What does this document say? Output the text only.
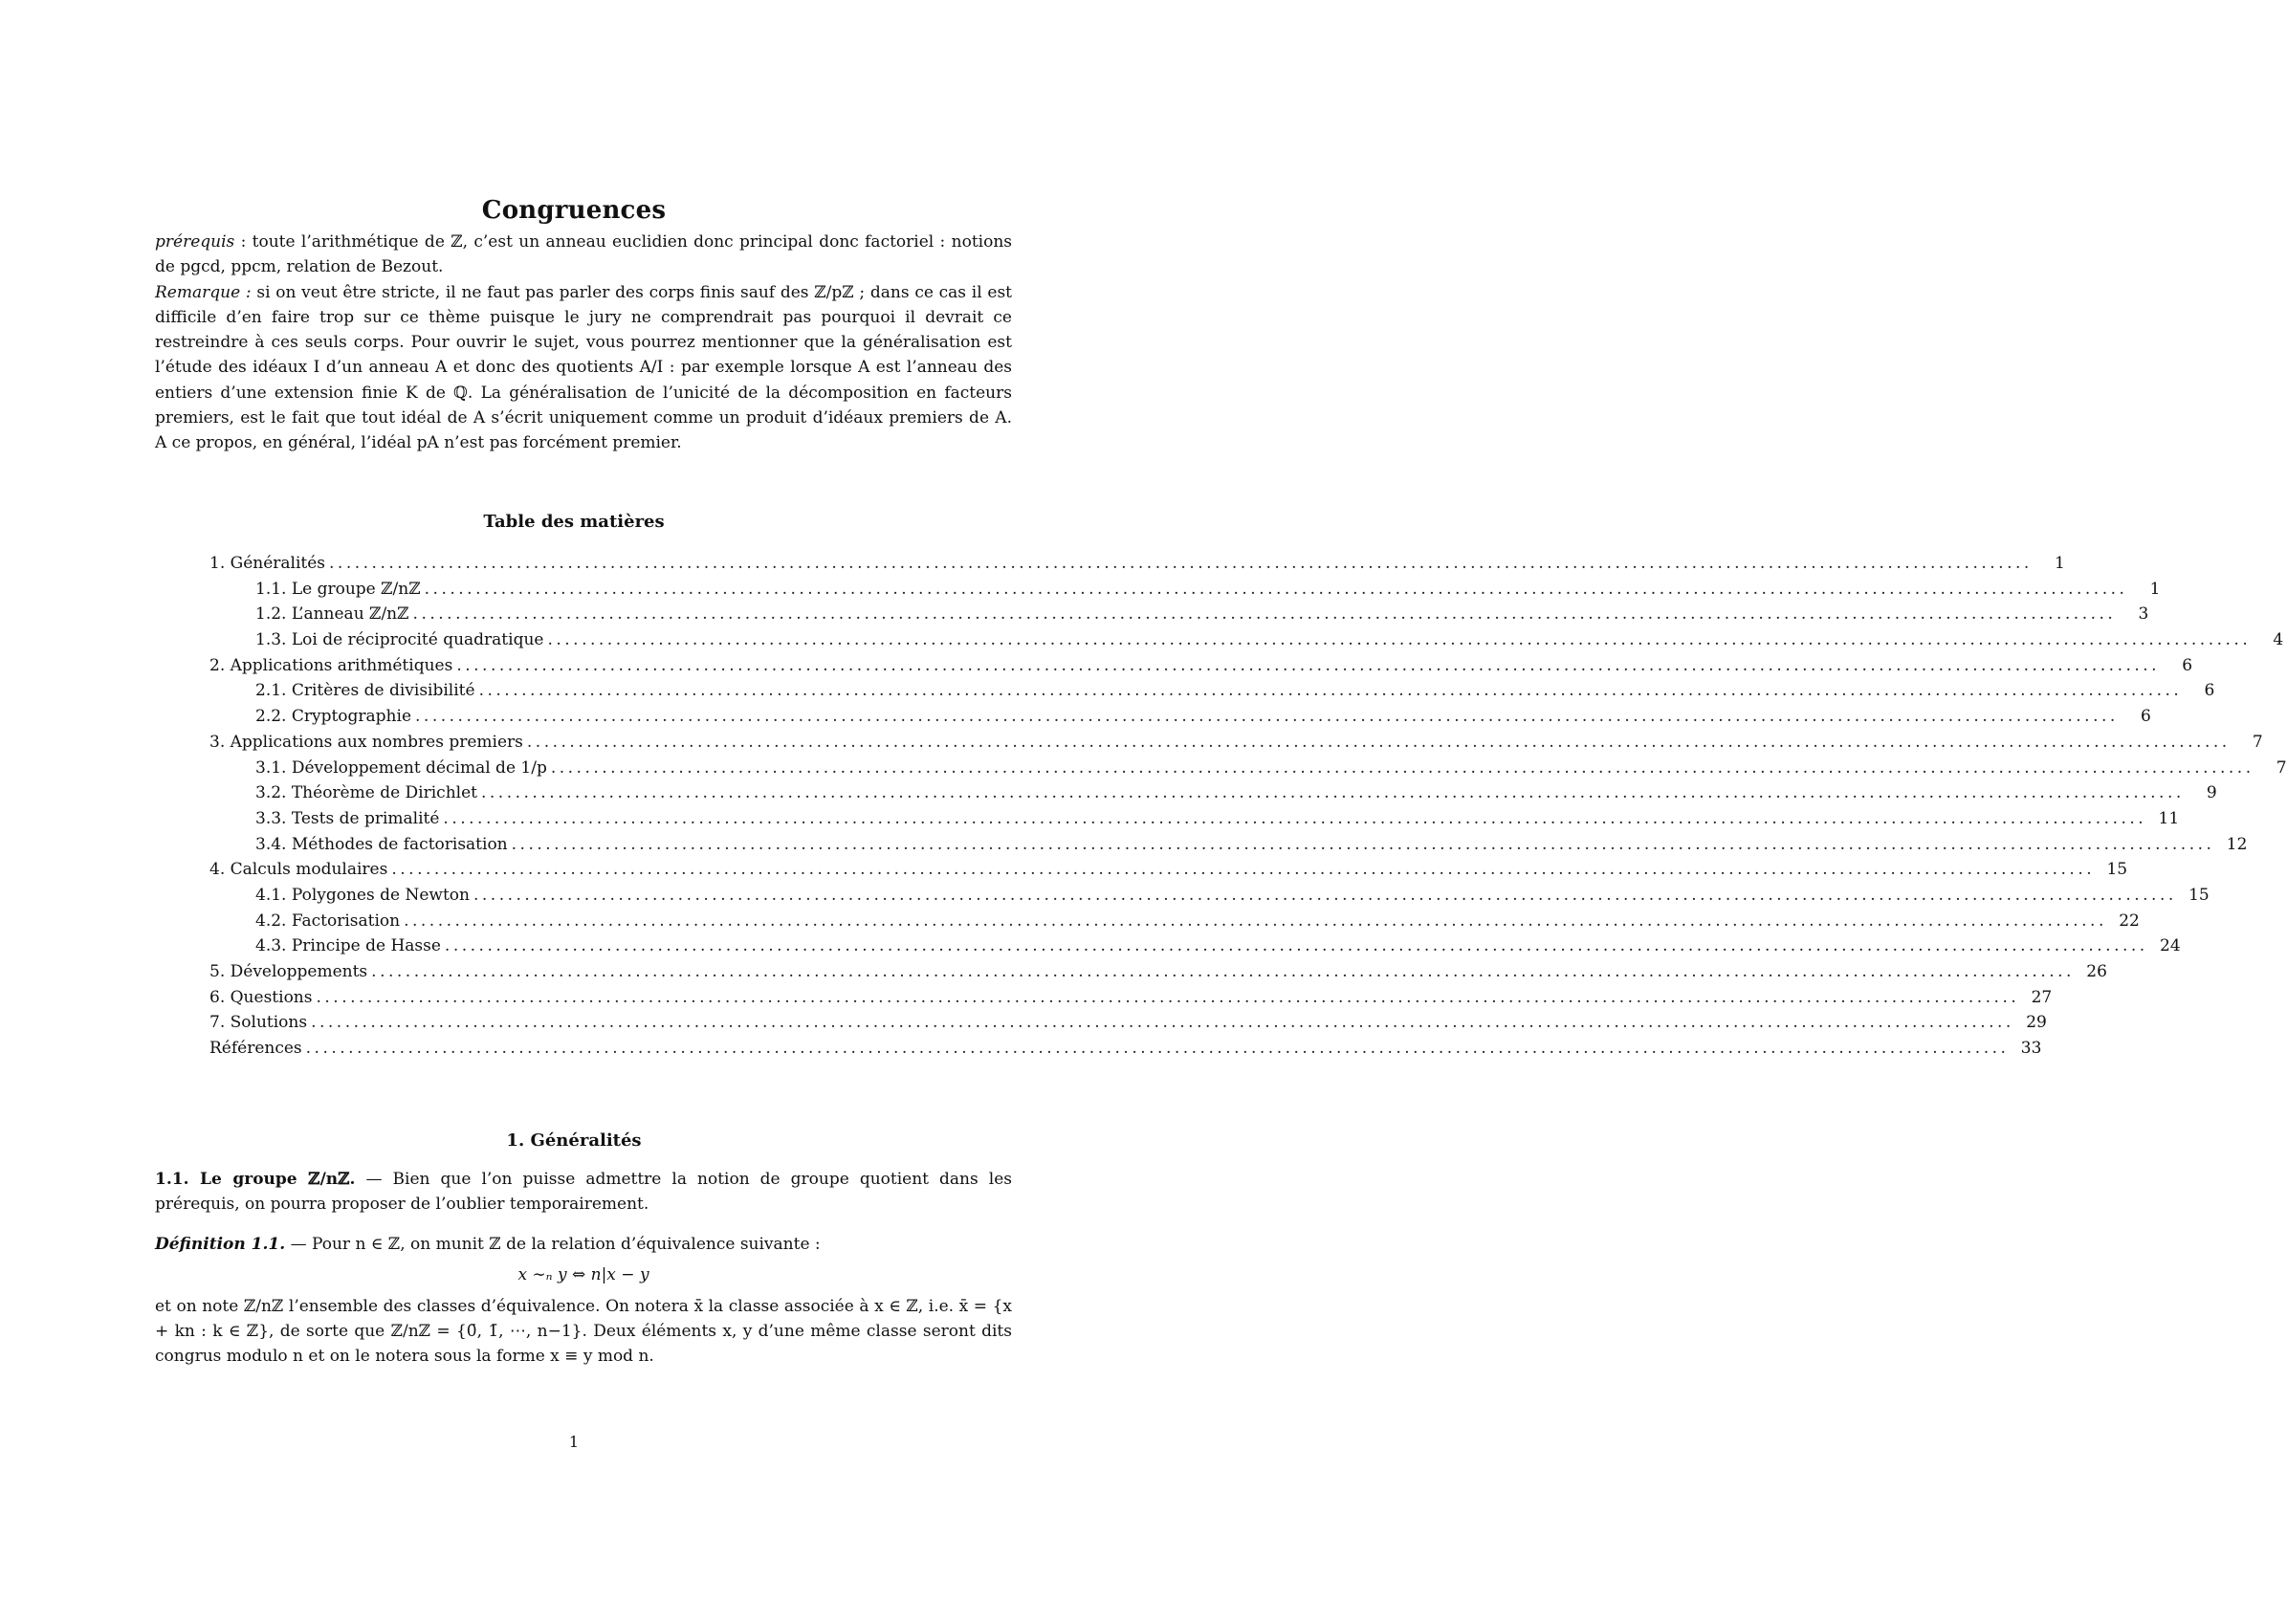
Congruences

prérequis : toute l’arithmétique de ℤ, c’est un anneau euclidien donc principal donc factoriel : notions de pgcd, ppcm, relation de Bezout.

Remarque : si on veut être stricte, il ne faut pas parler des corps finis sauf des ℤ/pℤ ; dans ce cas il est difficile d’en faire trop sur ce thème puisque le jury ne comprendrait pas pourquoi il devrait ce restreindre à ces seuls corps. Pour ouvrir le sujet, vous pourrez mentionner que la généralisation est l’étude des idéaux I d’un anneau A et donc des quotients A/I : par exemple lorsque A est l’anneau des entiers d’une extension finie K de ℚ. La généralisation de l’unicité de la décomposition en facteurs premiers, est le fait que tout idéal de A s’écrit uniquement comme un produit d’idéaux premiers de A. A ce propos, en général, l’idéal pA n’est pas forcément premier.

Table des matières
1. Généralités ........................................................................................................................................................................................................	1
1.1. Le groupe ℤ/nℤ ........................................................................................................................................................................................................	1
1.2. L’anneau ℤ/nℤ ........................................................................................................................................................................................................	3
1.3. Loi de réciprocité quadratique ........................................................................................................................................................................................................	4
2. Applications arithmétiques ........................................................................................................................................................................................................	6
2.1. Critères de divisibilité ........................................................................................................................................................................................................	6
2.2. Cryptographie ........................................................................................................................................................................................................	6
3. Applications aux nombres premiers ........................................................................................................................................................................................................	7
3.1. Développement décimal de 1/p ........................................................................................................................................................................................................	7
3.2. Théorème de Dirichlet ........................................................................................................................................................................................................	9
3.3. Tests de primalité ........................................................................................................................................................................................................ 11
3.4. Méthodes de factorisation ........................................................................................................................................................................................................ 12
4. Calculs modulaires ........................................................................................................................................................................................................ 15
4.1. Polygones de Newton ........................................................................................................................................................................................................ 15
4.2. Factorisation ........................................................................................................................................................................................................ 22
4.3. Principe de Hasse ........................................................................................................................................................................................................ 24
5. Développements ........................................................................................................................................................................................................ 26
6. Questions ........................................................................................................................................................................................................ 27
7. Solutions ........................................................................................................................................................................................................ 29
Références ........................................................................................................................................................................................................ 33
1. Généralités

1.1. Le groupe ℤ/nℤ. — Bien que l’on puisse admettre la notion de groupe quotient dans les prérequis, on pourra proposer de l’oublier temporairement.

Définition 1.1. — Pour n ∈ ℤ, on munit ℤ de la relation d’équivalence suivante :

x ∼ₙ y ⇔ n|x − y

et on note ℤ/nℤ l’ensemble des classes d’équivalence. On notera x̄ la classe associée à x ∈ ℤ, i.e. x̄ = {x + kn : k ∈ ℤ}, de sorte que ℤ/nℤ = {0̄, 1̄, ⋯, n−1}. Deux éléments x, y d’une même classe seront dits congrus modulo n et on le notera sous la forme x ≡ y mod n.

1
